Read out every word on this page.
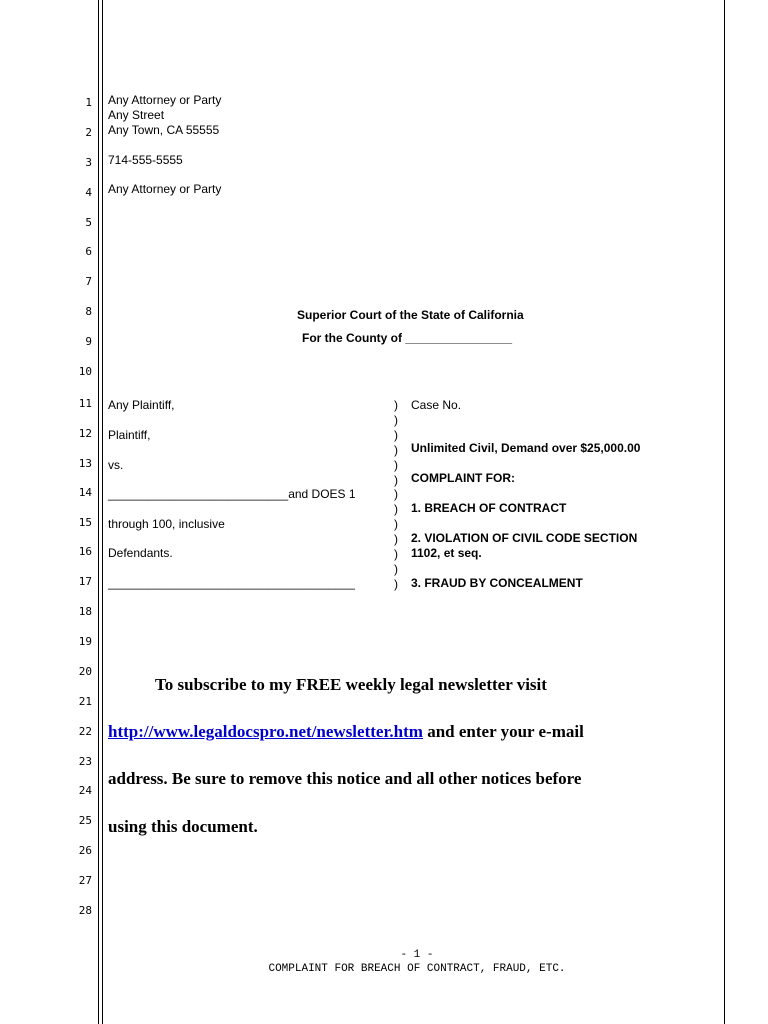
1
2
3
4
5
6
7
8
9
10
11
12
13
14
15
16
17
18
19
20
21
22
23
24
25
26
27
28
Any Attorney or Party
Any Street
Any Town, CA 55555
714-555-5555
Any Attorney or Party
Superior Court of the State of California
For the County of ________________
Any Plaintiff,
Plaintiff,
vs.
___________________________and DOES 1
through 100, inclusive
Defendants.
_____________________________________
)
)
)
)
)
)
)
)
)
)
)
)
)
Case No.
Unlimited Civil, Demand over $25,000.00
COMPLAINT FOR:
1. BREACH OF CONTRACT
2. VIOLATION OF CIVIL CODE SECTION
1102, et seq.
3. FRAUD BY CONCEALMENT
To subscribe to my FREE weekly legal newsletter visit
http://www.legaldocspro.net/newsletter.htm and enter your e-mail
address. Be sure to remove this notice and all other notices before
using this document.
- 1 -
COMPLAINT FOR BREACH OF CONTRACT, FRAUD, ETC.
